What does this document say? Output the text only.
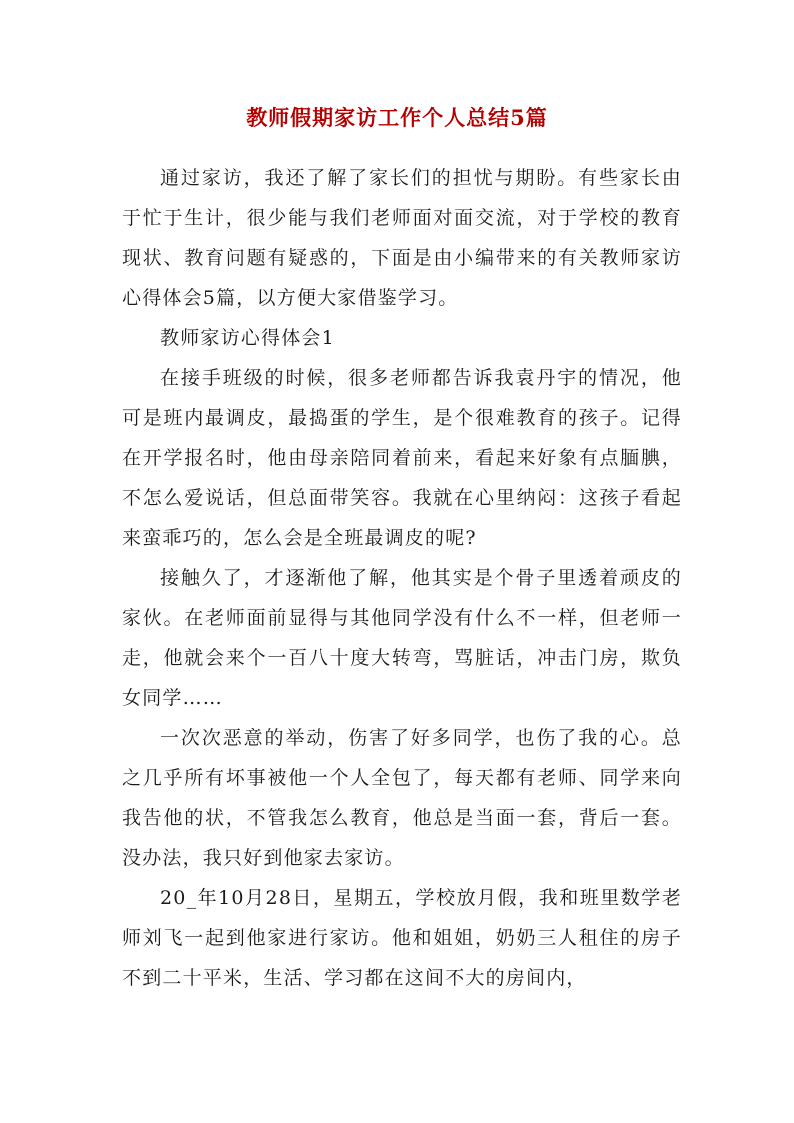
教师假期家访工作个人总结5篇

通过家访，我还了解了家长们的担忧与期盼。有些家长由于忙于生计，很少能与我们老师面对面交流，对于学校的教育现状、教育问题有疑惑的，下面是由小编带来的有关教师家访心得体会5篇，以方便大家借鉴学习。

教师家访心得体会1

在接手班级的时候，很多老师都告诉我袁丹宇的情况，他可是班内最调皮，最捣蛋的学生，是个很难教育的孩子。记得在开学报名时，他由母亲陪同着前来，看起来好象有点腼腆，不怎么爱说话，但总面带笑容。我就在心里纳闷：这孩子看起来蛮乖巧的，怎么会是全班最调皮的呢?

接触久了，才逐渐他了解，他其实是个骨子里透着顽皮的家伙。在老师面前显得与其他同学没有什么不一样，但老师一走，他就会来个一百八十度大转弯，骂脏话，冲击门房，欺负女同学……

一次次恶意的举动，伤害了好多同学，也伤了我的心。总之几乎所有坏事被他一个人全包了，每天都有老师、同学来向我告他的状，不管我怎么教育，他总是当面一套，背后一套。没办法，我只好到他家去家访。

20_年10月28日，星期五，学校放月假，我和班里数学老师刘飞一起到他家进行家访。他和姐姐，奶奶三人租住的房子不到二十平米，生活、学习都在这间不大的房间内，
